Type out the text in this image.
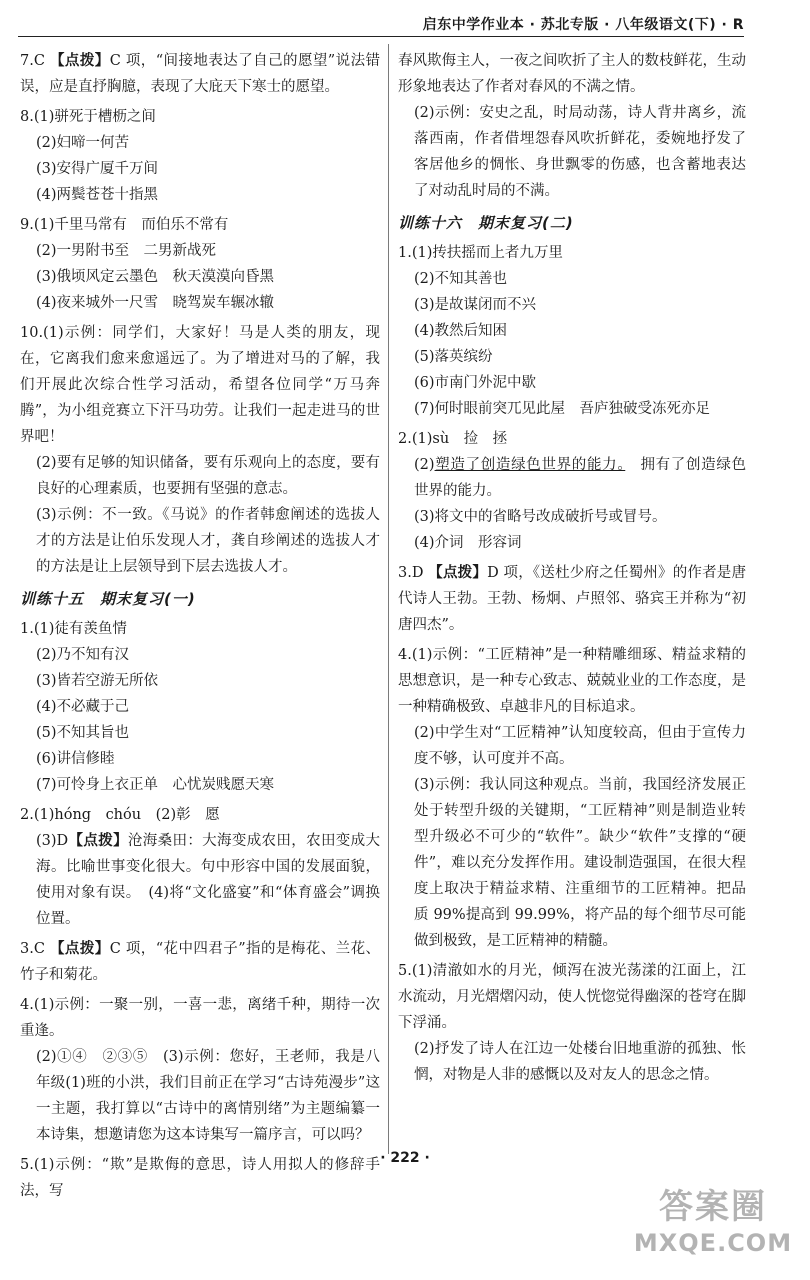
启东中学作业本 · 苏北专版 · 八年级语文(下) · R

7.C 【点拨】C 项，“间接地表达了自己的愿望”说法错误，应是直抒胸臆，表现了大庇天下寒士的愿望。

8.(1)骈死于槽枥之间

(2)妇啼一何苦

(3)安得广厦千万间

(4)两鬓苍苍十指黑

9.(1)千里马常有　而伯乐不常有

(2)一男附书至　二男新战死

(3)俄顷风定云墨色　秋天漠漠向昏黑

(4)夜来城外一尺雪　晓驾炭车辗冰辙

10.(1)示例：同学们，大家好！马是人类的朋友，现在，它离我们愈来愈遥远了。为了增进对马的了解，我们开展此次综合性学习活动，希望各位同学“万马奔腾”，为小组竞赛立下汗马功劳。让我们一起走进马的世界吧！

(2)要有足够的知识储备，要有乐观向上的态度，要有良好的心理素质，也要拥有坚强的意志。

(3)示例：不一致。《马说》的作者韩愈阐述的选拔人才的方法是让伯乐发现人才，龚自珍阐述的选拔人才的方法是让上层领导到下层去选拔人才。

训练十五　期末复习(一)

1.(1)徒有羡鱼情

(2)乃不知有汉

(3)皆若空游无所依

(4)不必藏于己

(5)不知其旨也

(6)讲信修睦

(7)可怜身上衣正单　心忧炭贱愿天寒

2.(1)hóng　chóu　(2)彰　愿

(3)D【点拨】沧海桑田：大海变成农田，农田变成大海。比喻世事变化很大。句中形容中国的发展面貌，使用对象有误。　(4)将“文化盛宴”和“体育盛会”调换位置。

3.C 【点拨】C 项，“花中四君子”指的是梅花、兰花、竹子和菊花。

4.(1)示例：一聚一别，一喜一悲，离绪千种，期待一次重逢。

(2)①④　②③⑤　(3)示例：您好，王老师，我是八年级(1)班的小洪，我们目前正在学习“古诗苑漫步”这一主题，我打算以“古诗中的离情别绪”为主题编纂一本诗集，想邀请您为这本诗集写一篇序言，可以吗？

5.(1)示例：“欺”是欺侮的意思，诗人用拟人的修辞手法，写

春风欺侮主人，一夜之间吹折了主人的数枝鲜花，生动形象地表达了作者对春风的不满之情。

(2)示例：安史之乱，时局动荡，诗人背井离乡，流落西南，作者借埋怨春风吹折鲜花，委婉地抒发了客居他乡的惆怅、身世飘零的伤感，也含蓄地表达了对动乱时局的不满。

训练十六　期末复习(二)

1.(1)抟扶摇而上者九万里

(2)不知其善也

(3)是故谋闭而不兴

(4)教然后知困

(5)落英缤纷

(6)市南门外泥中歇

(7)何时眼前突兀见此屋　吾庐独破受冻死亦足

2.(1)sù　捡　拯

(2)塑造了创造绿色世界的能力。　拥有了创造绿色世界的能力。

(3)将文中的省略号改成破折号或冒号。

(4)介词　形容词

3.D 【点拨】D 项，《送杜少府之任蜀州》的作者是唐代诗人王勃。王勃、杨炯、卢照邻、骆宾王并称为“初唐四杰”。

4.(1)示例：“工匠精神”是一种精雕细琢、精益求精的思想意识，是一种专心致志、兢兢业业的工作态度，是一种精确极致、卓越非凡的目标追求。

(2)中学生对“工匠精神”认知度较高，但由于宣传力度不够，认可度并不高。

(3)示例：我认同这种观点。当前，我国经济发展正处于转型升级的关键期，“工匠精神”则是制造业转型升级必不可少的“软件”。缺少“软件”支撑的“硬件”，难以充分发挥作用。建设制造强国，在很大程度上取决于精益求精、注重细节的工匠精神。把品质 99%提高到 99.99%，将产品的每个细节尽可能做到极致，是工匠精神的精髓。

5.(1)清澈如水的月光，倾泻在波光荡漾的江面上，江水流动，月光熠熠闪动，使人恍惚觉得幽深的苍穹在脚下浮涌。

(2)抒发了诗人在江边一处楼台旧地重游的孤独、怅惘，对物是人非的感慨以及对友人的思念之情。

· 222 ·
答案圈
MXQE.COM
